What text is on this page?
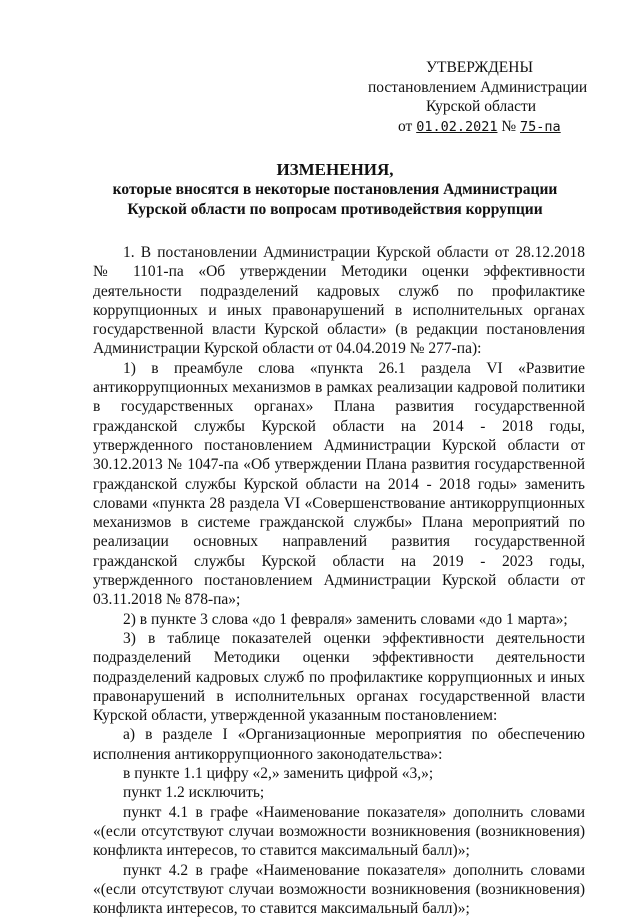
УТВЕРЖДЕНЫ
постановлением Администрации
Курской области
от 01.02.2021 № 75-па
ИЗМЕНЕНИЯ,
которые вносятся в некоторые постановления Администрации
Курской области по вопросам противодействия коррупции

1. В постановлении Администрации Курской области от 28.12.2018 № 1101-па «Об утверждении Методики оценки эффективности деятельности подразделений кадровых служб по профилактике коррупционных и иных правонарушений в исполнительных органах государственной власти Курской области» (в редакции постановления Администрации Курской области от 04.04.2019 № 277-па):

1) в преамбуле слова «пункта 26.1 раздела VI «Развитие антикоррупционных механизмов в рамках реализации кадровой политики в государственных органах» Плана развития государственной гражданской службы Курской области на 2014 - 2018 годы, утвержденного постановлением Администрации Курской области от 30.12.2013 № 1047-па «Об утверждении Плана развития государственной гражданской службы Курской области на 2014 - 2018 годы» заменить словами «пункта 28 раздела VI «Совершенствование антикоррупционных механизмов в системе гражданской службы» Плана мероприятий по реализации основных направлений развития государственной гражданской службы Курской области на 2019 - 2023 годы, утвержденного постановлением Администрации Курской области от 03.11.2018 № 878-па»;

2) в пункте 3 слова «до 1 февраля» заменить словами «до 1 марта»;

3) в таблице показателей оценки эффективности деятельности подразделений Методики оценки эффективности деятельности подразделений кадровых служб по профилактике коррупционных и иных правонарушений в исполнительных органах государственной власти Курской области, утвержденной указанным постановлением:

а) в разделе I «Организационные мероприятия по обеспечению исполнения антикоррупционного законодательства»:

в пункте 1.1 цифру «2,» заменить цифрой «3,»;

пункт 1.2 исключить;

пункт 4.1 в графе «Наименование показателя» дополнить словами «(если отсутствуют случаи возможности возникновения (возникновения) конфликта интересов, то ставится максимальный балл)»;

пункт 4.2 в графе «Наименование показателя» дополнить словами «(если отсутствуют случаи возможности возникновения (возникновения) конфликта интересов, то ставится максимальный балл)»;
